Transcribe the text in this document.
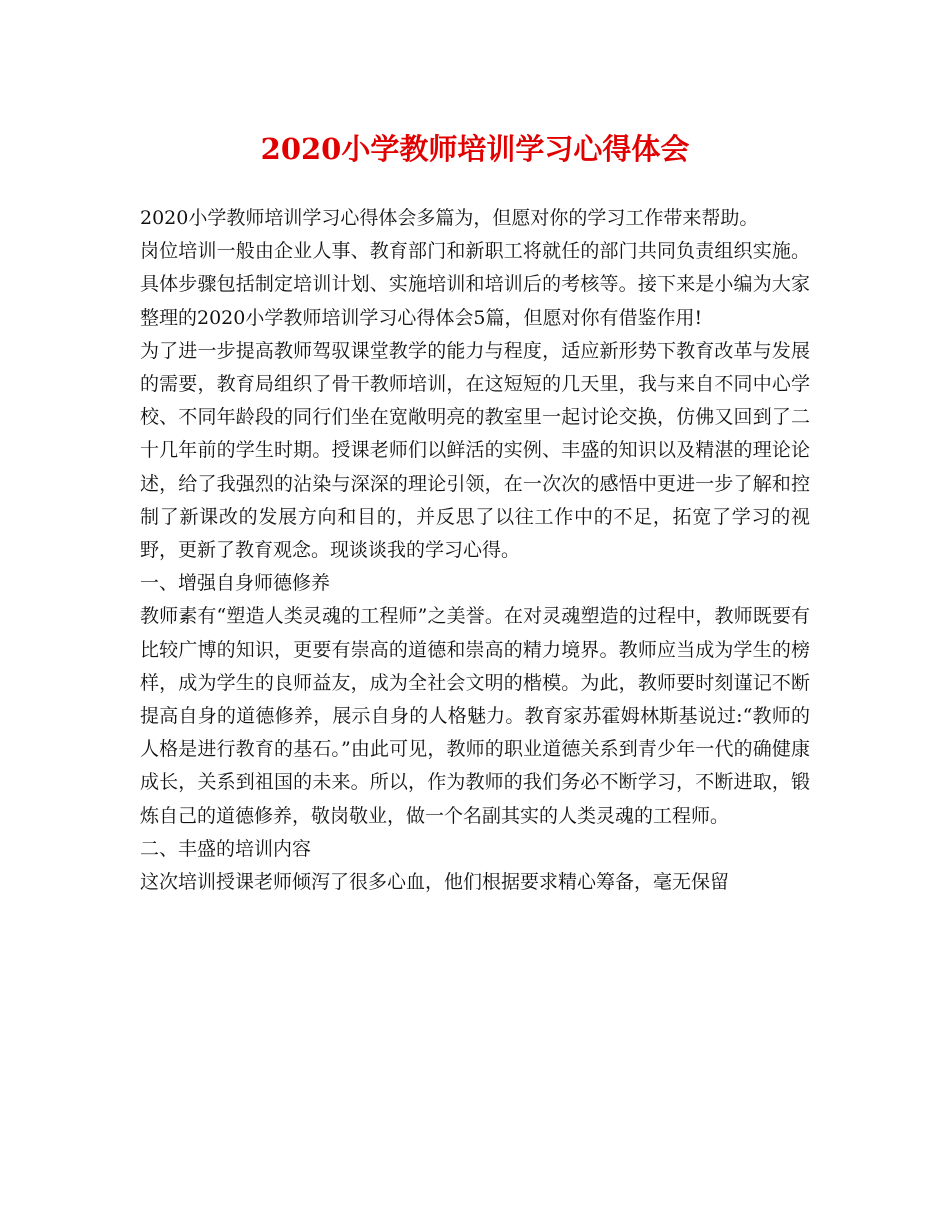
2020小学教师培训学习心得体会

2020小学教师培训学习心得体会多篇为，但愿对你的学习工作带来帮助。

岗位培训一般由企业人事、教育部门和新职工将就任的部门共同负责组织实施。具体步骤包括制定培训计划、实施培训和培训后的考核等。接下来是小编为大家整理的2020小学教师培训学习心得体会5篇，但愿对你有借鉴作用!

为了进一步提高教师驾驭课堂教学的能力与程度，适应新形势下教育改革与发展的需要，教育局组织了骨干教师培训，在这短短的几天里，我与来自不同中心学校、不同年龄段的同行们坐在宽敞明亮的教室里一起讨论交换，仿佛又回到了二十几年前的学生时期。授课老师们以鲜活的实例、丰盛的知识以及精湛的理论论述，给了我强烈的沾染与深深的理论引领，在一次次的感悟中更进一步了解和控制了新课改的发展方向和目的，并反思了以往工作中的不足，拓宽了学习的视野，更新了教育观念。现谈谈我的学习心得。

一、增强自身师德修养

教师素有“塑造人类灵魂的工程师”之美誉。在对灵魂塑造的过程中，教师既要有比较广博的知识，更要有崇高的道德和崇高的精力境界。教师应当成为学生的榜样，成为学生的良师益友，成为全社会文明的楷模。为此，教师要时刻谨记不断提高自身的道德修养，展示自身的人格魅力。教育家苏霍姆林斯基说过:“教师的人格是进行教育的基石。”由此可见，教师的职业道德关系到青少年一代的确健康成长，关系到祖国的未来。所以，作为教师的我们务必不断学习，不断进取，锻炼自己的道德修养，敬岗敬业，做一个名副其实的人类灵魂的工程师。

二、丰盛的培训内容

这次培训授课老师倾泻了很多心血，他们根据要求精心筹备，毫无保留
